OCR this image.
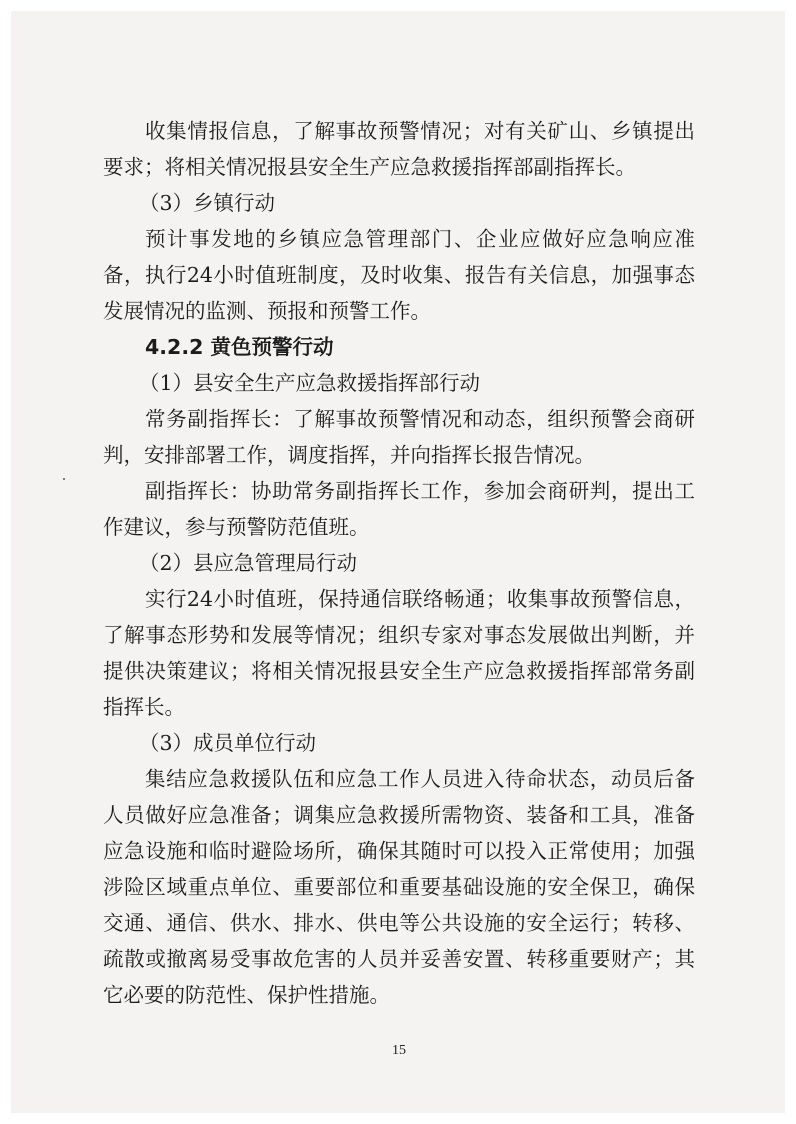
收集情报信息，了解事故预警情况；对有关矿山、乡镇提出要求；将相关情况报县安全生产应急救援指挥部副指挥长。

（3）乡镇行动

预计事发地的乡镇应急管理部门、企业应做好应急响应准备，执行24小时值班制度，及时收集、报告有关信息，加强事态发展情况的监测、预报和预警工作。

4.2.2 黄色预警行动

（1）县安全生产应急救援指挥部行动

常务副指挥长：了解事故预警情况和动态，组织预警会商研判，安排部署工作，调度指挥，并向指挥长报告情况。

副指挥长：协助常务副指挥长工作，参加会商研判，提出工作建议，参与预警防范值班。

（2）县应急管理局行动

实行24小时值班，保持通信联络畅通；收集事故预警信息，了解事态形势和发展等情况；组织专家对事态发展做出判断，并提供决策建议；将相关情况报县安全生产应急救援指挥部常务副指挥长。

（3）成员单位行动

集结应急救援队伍和应急工作人员进入待命状态，动员后备人员做好应急准备；调集应急救援所需物资、装备和工具，准备应急设施和临时避险场所，确保其随时可以投入正常使用；加强涉险区域重点单位、重要部位和重要基础设施的安全保卫，确保交通、通信、供水、排水、供电等公共设施的安全运行；转移、疏散或撤离易受事故危害的人员并妥善安置、转移重要财产；其它必要的防范性、保护性措施。

15
